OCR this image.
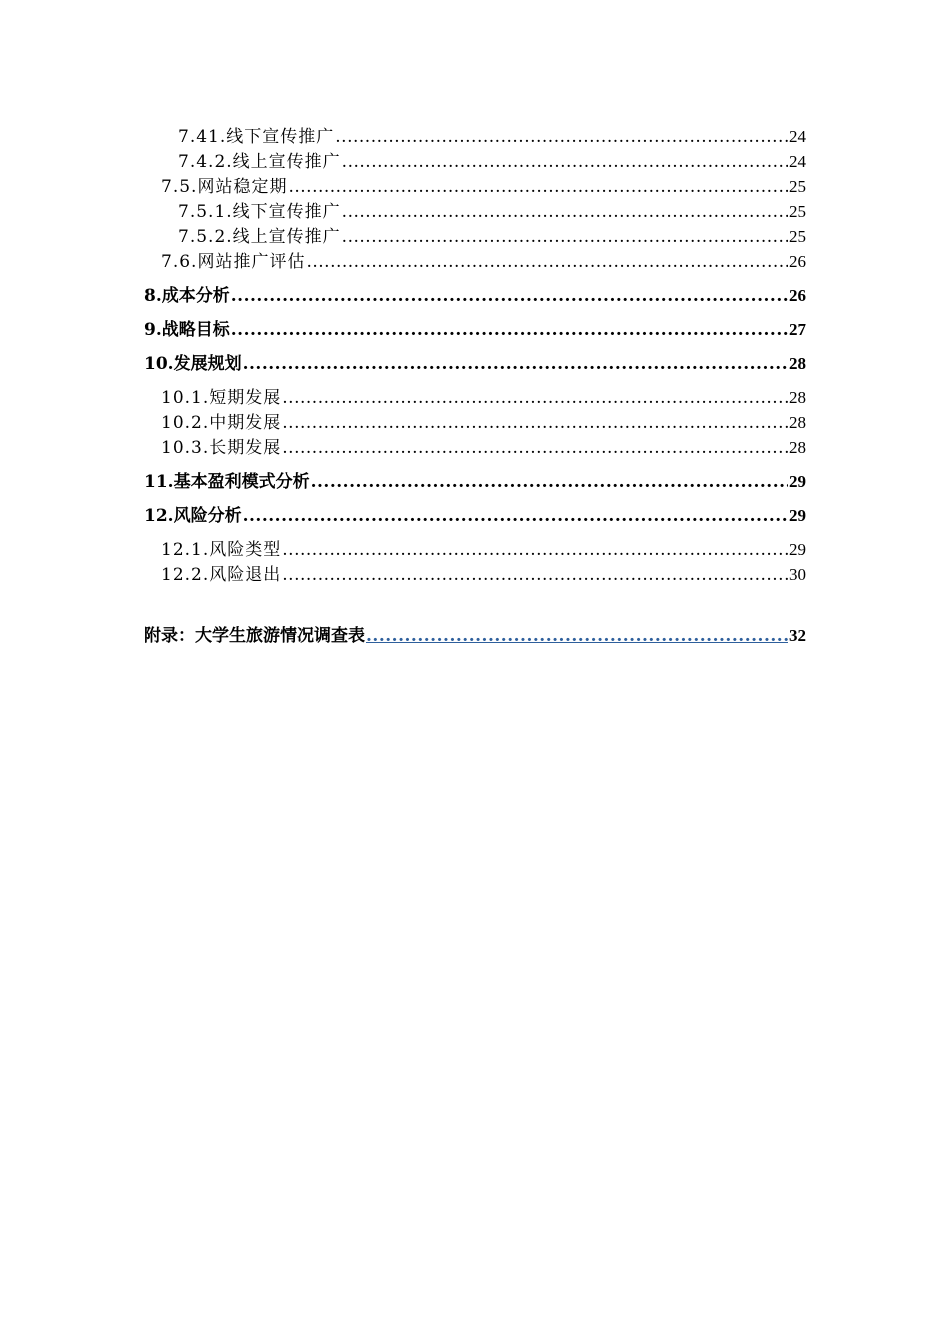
7.41.线下宣传推广 .....	24
7.4.2.线上宣传推广 .....	24
7.5.网站稳定期 .....	25
7.5.1.线下宣传推广 .....	25
7.5.2.线上宣传推广 .....	25
7.6.网站推广评估 .....	26
8.成本分析 .....	26
9.战略目标 .....	27
10.发展规划 .....	28
10.1.短期发展 .....	28
10.2.中期发展 .....	28
10.3.长期发展 .....	28
11.基本盈利模式分析 .....	29
12.风险分析 .....	29
12.1.风险类型 .....	29
12.2.风险退出 .....	30
附录：大学生旅游情况调查表 .....	32
